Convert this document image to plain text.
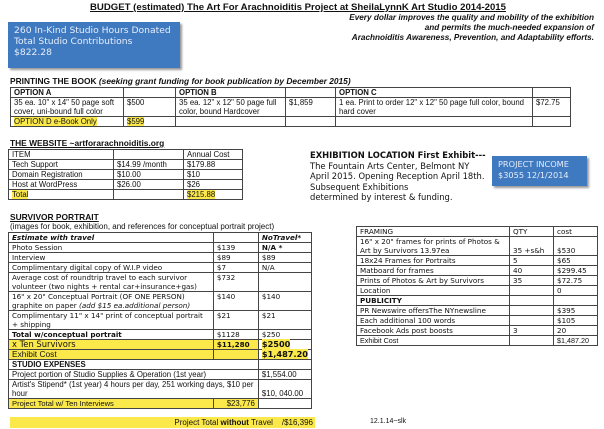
BUDGET (estimated) The Art For Arachnoiditis Project at SheilaLynnK Art Studio 2014-2015
Every dollar improves the quality and mobility of the exhibition
and permits the much-needed expansion of
Arachnoiditis Awareness, Prevention, and Adaptability efforts.
260 In-Kind Studio Hours Donated
Total Studio Contributions
$822.28
PRINTING THE BOOK (seeking grant funding for book publication by December 2015)
OPTION A		OPTION B		OPTION C	
35 ea. 10" x 14" 50 page soft cover, uni-bound full color	$500	35 ea. 12" x 12" 50 page full color, bound Hardcover	$1,859	1 ea. Print to order 12" x 12" 50 page full color, bound hard cover	$72.75
OPTION D e-Book Only	$599				
THE WEBSITE ~artforarachnoiditis.org
ITEM		Annual Cost
Tech Support	$14.99 /month	$179.88
Domain Registration	$10.00	$10
Host at WordPress	$26.00	$26
Total		$215.88
EXHIBITION LOCATION First Exhibit---
The Fountain Arts Center, Belmont NY
April 2015. Opening Reception April 18th.
Subsequent Exhibitions
determined by interest & funding.
PROJECT INCOME
$3055 12/1/2014
SURVIVOR PORTRAIT
(images for book, exhibition, and references for conceptual portrait project)
Estimate with travel		NoTravel*
Photo Session	$139	N/A *
Interview	$89	$89
Complimentary digital copy of W.I.P video	$7	N/A
Average cost of roundtrip travel to each survivor volunteer (two nights + rental car+insurance+gas)	$732	
16" x 20" Conceptual Portrait (OF ONE PERSON) graphite on paper (add $15 ea.additional person)	$140	$140
Complimentary 11" x 14" print of conceptual portrait + shipping	$21	$21
Total w/conceptual portrait	$1128	$250
x Ten Survivors	$11,280	$2500
Exhibit Cost		$1,487.20
STUDIO EXPENSES		
Project portion of Studio Supplies & Operation (1st year)		$1,554.00
Artist's Stipend* (1st year) 4 hours per day, 251 working days, $10 per hour		$10, 040.00
Project Total w/ Ten Interviews	$23,776	
Project Total without Travel /$16,396
FRAMING	QTY	cost
16" x 20" frames for prints of Photos & Art by Survivors 13.97ea	35 +s&h	$530
18x24 Frames for Portraits	5	$65
Matboard for frames	40	$299.45
Prints of Photos & Art by Survivors	35	$72.75
Location		0
PUBLICITY		
PR Newswire offersThe NYnewsline		$395
Each additional 100 words		$105
Facebook Ads post boosts	3	20
Exhibit Cost		$1,487.20
12.1.14~slk
